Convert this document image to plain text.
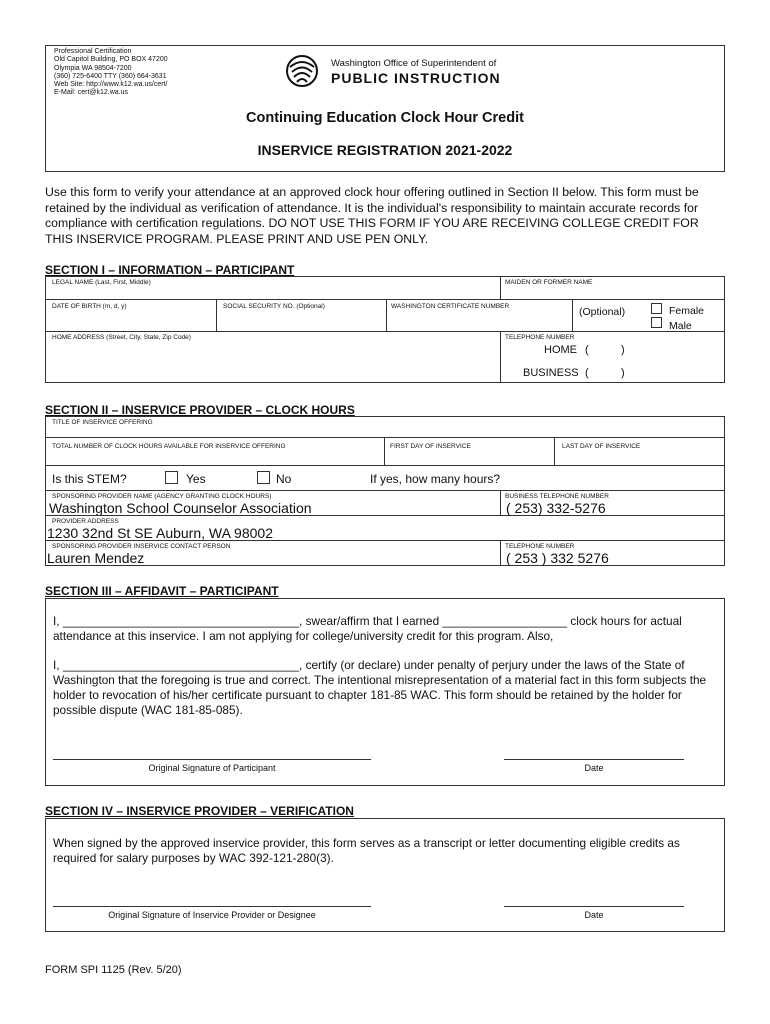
Professional Certification
Old Capitol Building, PO BOX 47200
Olympia WA 98504-7200
(360) 725-6400 TTY (360) 664-3631
Web Site: http://www.k12.wa.us/cert/
E-Mail: cert@k12.wa.us
Washington Office of Superintendent of
PUBLIC INSTRUCTION
Continuing Education Clock Hour Credit
INSERVICE REGISTRATION 2021-2022
Use this form to verify your attendance at an approved clock hour offering outlined in Section II below. This form must be retained by the individual as verification of attendance. It is the individual's responsibility to maintain accurate records for compliance with certification regulations. DO NOT USE THIS FORM IF YOU ARE RECEIVING COLLEGE CREDIT FOR THIS INSERVICE PROGRAM. PLEASE PRINT AND USE PEN ONLY.
SECTION I – INFORMATION – PARTICIPANT
LEGAL NAME (Last, First, Middle)	MAIDEN OR FORMER NAME
DATE OF BIRTH (m, d, y)	SOCIAL SECURITY NO. (Optional)	WASHINGTON CERTIFICATE NUMBER	(Optional)	Female
Male
HOME ADDRESS (Street, City, State, Zip Code)	TELEPHONE NUMBER
HOME (	)
BUSINESS (	)
SECTION II – INSERVICE PROVIDER – CLOCK HOURS
TITLE OF INSERVICE OFFERING
TOTAL NUMBER OF CLOCK HOURS AVAILABLE FOR INSERVICE OFFERING	FIRST DAY OF INSERVICE	LAST DAY OF INSERVICE
Is this STEM?	Yes	No	If yes, how many hours?
SPONSORING PROVIDER NAME (AGENCY GRANTING CLOCK HOURS)
Washington School Counselor Association
BUSINESS TELEPHONE NUMBER
( 253) 332-5276
PROVIDER ADDRESS
1230 32nd St SE Auburn, WA 98002
SPONSORING PROVIDER INSERVICE CONTACT PERSON
Lauren Mendez
TELEPHONE NUMBER
( 253 ) 332 5276
SECTION III – AFFIDAVIT – PARTICIPANT
I, ____________________________________, swear/affirm that I earned ___________________ clock hours for actual attendance at this inservice. I am not applying for college/university credit for this program. Also,
I, ____________________________________, certify (or declare) under penalty of perjury under the laws of the State of Washington that the foregoing is true and correct. The intentional misrepresentation of a material fact in this form subjects the holder to revocation of his/her certificate pursuant to chapter 181-85 WAC. This form should be retained by the holder for possible dispute (WAC 181-85-085).
Original Signature of Participant	Date
SECTION IV – INSERVICE PROVIDER – VERIFICATION
When signed by the approved inservice provider, this form serves as a transcript or letter documenting eligible credits as required for salary purposes by WAC 392-121-280(3).
Original Signature of Inservice Provider or Designee	Date
FORM SPI 1125 (Rev. 5/20)
